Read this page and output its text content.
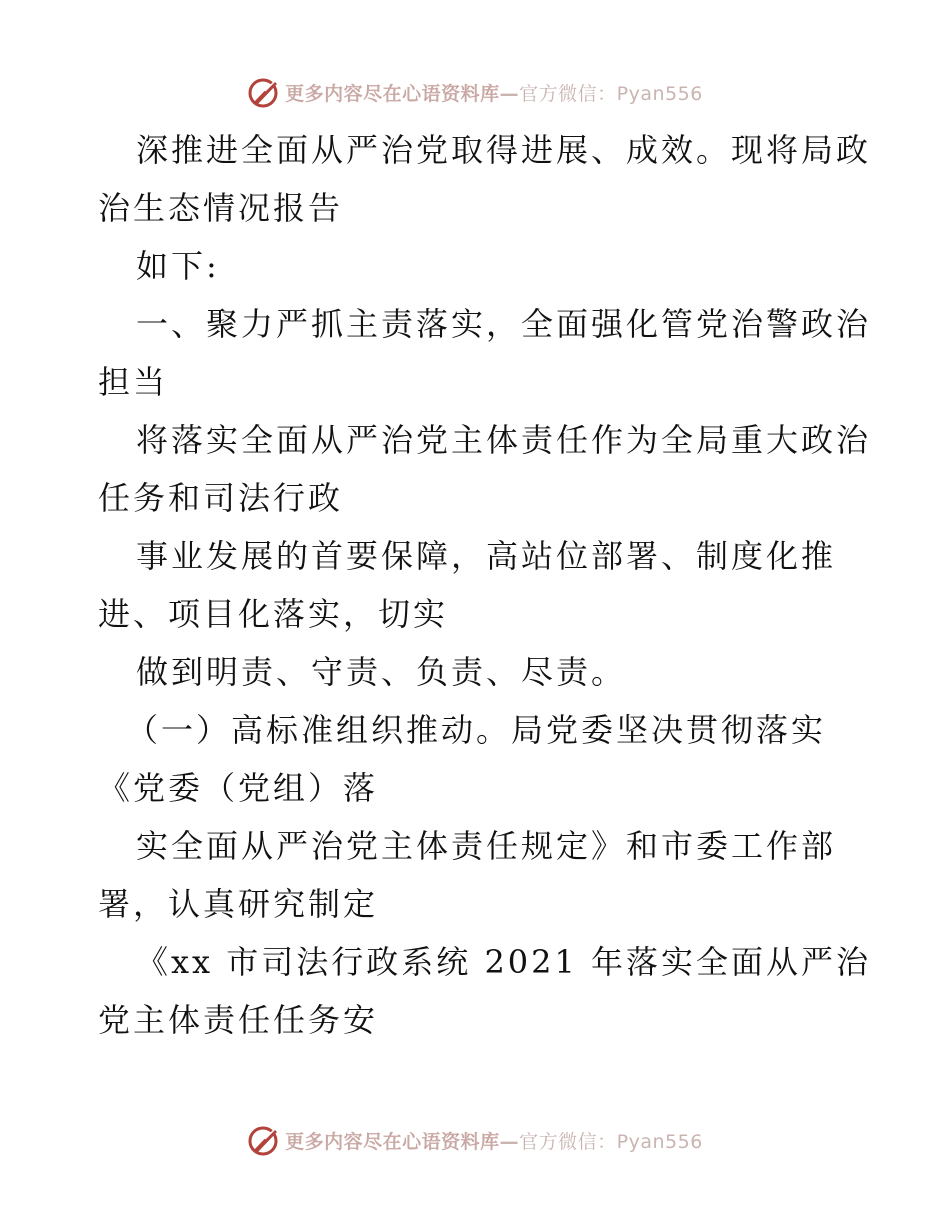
更多内容尽在心语资料库—官方微信：Pyan556
深推进全面从严治党取得进展、成效。现将局政
治生态情况报告
如下:
一、聚力严抓主责落实，全面强化管党治警政治
担当
将落实全面从严治党主体责任作为全局重大政治
任务和司法行政
事业发展的首要保障，高站位部署、制度化推
进、项目化落实，切实
做到明责、守责、负责、尽责。
（一）高标准组织推动。局党委坚决贯彻落实
《党委（党组）落
实全面从严治党主体责任规定》和市委工作部
署，认真研究制定
《xx 市司法行政系统 2021 年落实全面从严治
党主体责任任务安
更多内容尽在心语资料库—官方微信：Pyan556
